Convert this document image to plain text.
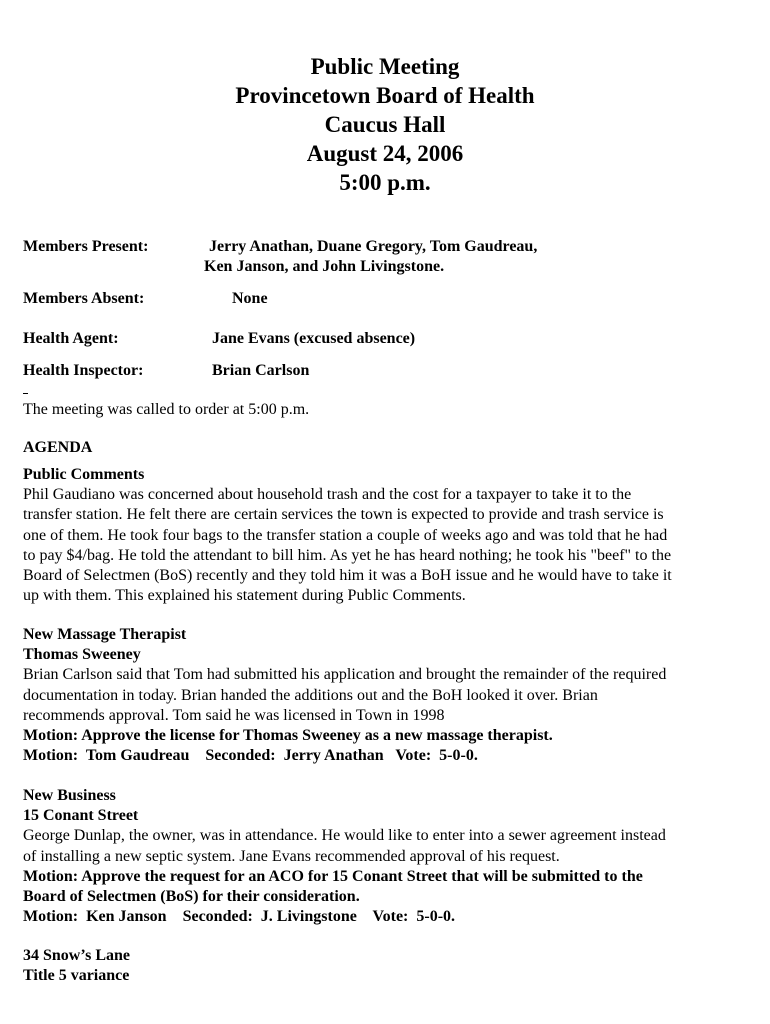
Public Meeting
Provincetown Board of Health
Caucus Hall
August 24, 2006
5:00 p.m.
Members Present:	Jerry Anathan, Duane Gregory, Tom Gaudreau,
Ken Janson, and John Livingstone.
Members Absent:	None
Health Agent:	Jane Evans (excused absence)
Health Inspector:	Brian Carlson
The meeting was called to order at 5:00 p.m.
AGENDA
Public Comments
Phil Gaudiano was concerned about household trash and the cost for a taxpayer to take it to the
transfer station. He felt there are certain services the town is expected to provide and trash service is
one of them. He took four bags to the transfer station a couple of weeks ago and was told that he had
to pay $4/bag. He told the attendant to bill him. As yet he has heard nothing; he took his "beef" to the
Board of Selectmen (BoS) recently and they told him it was a BoH issue and he would have to take it
up with them. This explained his statement during Public Comments.
New Massage Therapist
Thomas Sweeney
Brian Carlson said that Tom had submitted his application and brought the remainder of the required
documentation in today. Brian handed the additions out and the BoH looked it over. Brian
recommends approval. Tom said he was licensed in Town in 1998
Motion: Approve the license for Thomas Sweeney as a new massage therapist.
Motion:  Tom Gaudreau    Seconded:  Jerry Anathan   Vote:  5-0-0.
New Business
15 Conant Street
George Dunlap, the owner, was in attendance. He would like to enter into a sewer agreement instead
of installing a new septic system. Jane Evans recommended approval of his request.
Motion: Approve the request for an ACO for 15 Conant Street that will be submitted to the
Board of Selectmen (BoS) for their consideration.
Motion:  Ken Janson    Seconded:  J. Livingstone    Vote:  5-0-0.
34 Snow’s Lane
Title 5 variance
